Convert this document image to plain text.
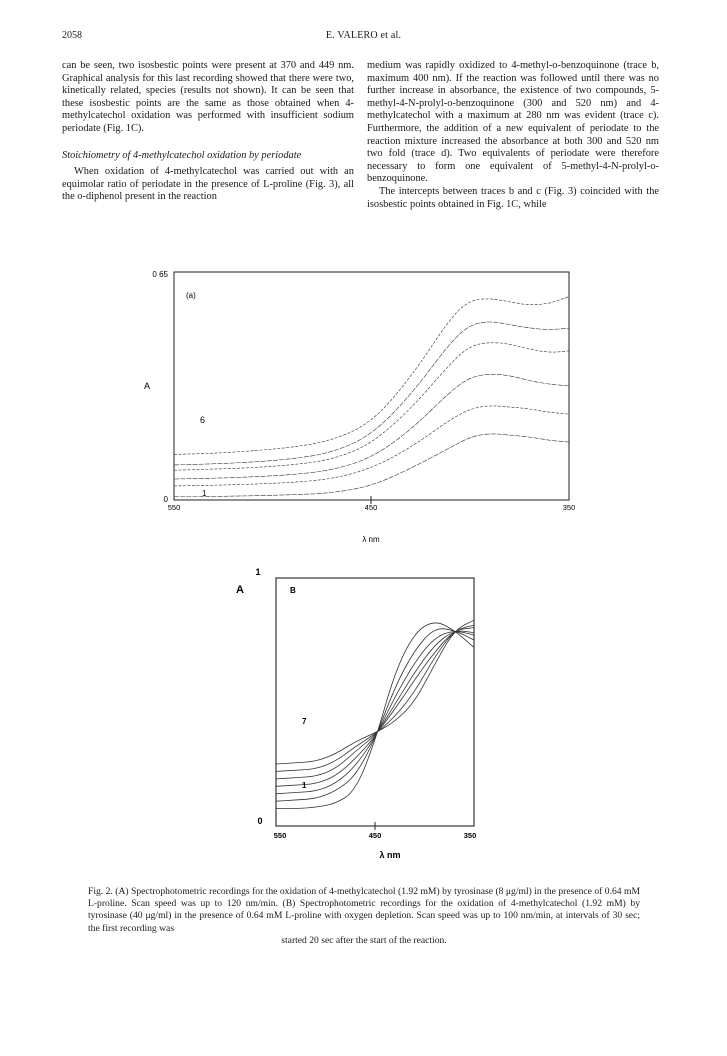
2058	E. VALERO et al.

can be seen, two isosbestic points were present at 370 and 449 nm. Graphical analysis for this last recording showed that there were two, kinetically related, species (results not shown). It can be seen that these isosbestic points are the same as those obtained when 4-methylcatechol oxidation was performed with insufficient sodium periodate (Fig. 1C).

Stoichiometry of 4-methylcatechol oxidation by periodate

When oxidation of 4-methylcatechol was carried out with an equimolar ratio of periodate in the presence of L-proline (Fig. 3), all the o-diphenol present in the reaction

medium was rapidly oxidized to 4-methyl-o-benzoquinone (trace b, maximum 400 nm). If the reaction was followed until there was no further increase in absorbance, the existence of two compounds, 5-methyl-4-N-prolyl-o-benzoquinone (300 and 520 nm) and 4-methylcatechol with a maximum at 280 nm was evident (trace c). Furthermore, the addition of a new equivalent of periodate to the reaction mixture increased the absorbance at both 300 and 520 nm two fold (trace d). Two equivalents of periodate were therefore necessary to form one equivalent of 5-methyl-4-N-prolyl-o-benzoquinone.

The intercepts between traces b and c (Fig. 3) coincided with the isosbestic points obtained in Fig. 1C, while

0 65
0
A
(a)
6
1
550	450	350
λ nm
1
A	B
0
7
1
550	450	350
λ nm

Fig. 2. (A) Spectrophotometric recordings for the oxidation of 4-methylcatechol (1.92 mM) by tyrosinase (8 μg/ml) in the presence of 0.64 mM L-proline. Scan speed was up to 120 nm/min. (B) Spectrophotometric recordings for the oxidation of 4-methylcatechol (1.92 mM) by tyrosinase (40 μg/ml) in the presence of 0.64 mM L-proline with oxygen depletion. Scan speed was up to 100 nm/min, at intervals of 30 sec; the first recording was

started 20 sec after the start of the reaction.
